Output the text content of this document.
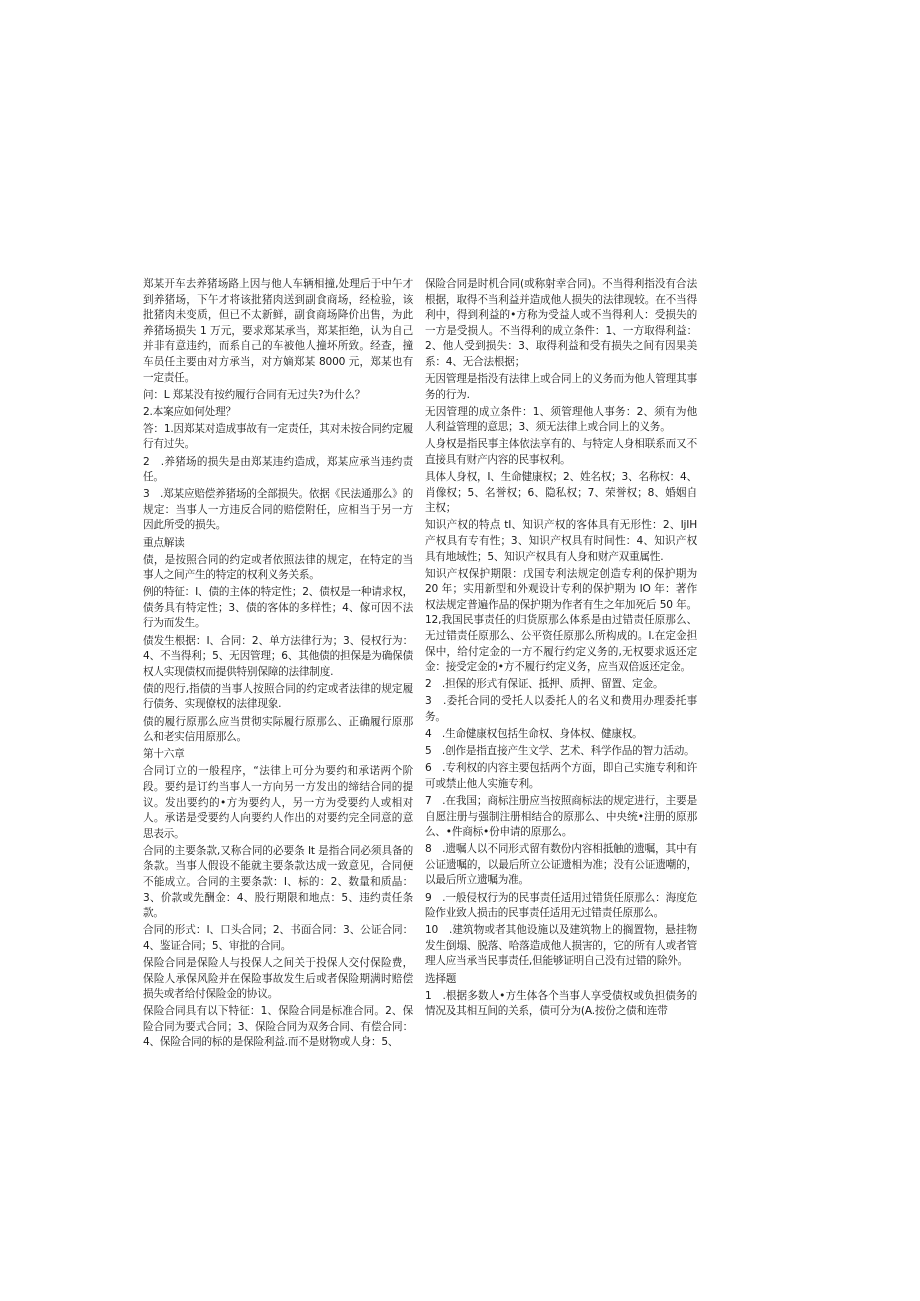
郑某开车去养猪场路上因与他人车辆相撞,处理后于中午才到养猪场，下午才将该批猪肉送到副食商场，经检验，该批猪肉未变质，但已不太新鲜，副食商场降价出售，为此养猪场损失 1 万元，要求郑某承当，郑某拒绝，认为自己并非有意违约，而系自己的车被他人撞坏所致。经查，撞车员任主要由对方承当，对方嫡郑某 8000 元，郑某也有一定责任。

问：L 郑某没有按约履行合同有无过失?为什么？

2.本案应如何处理？

答：1.因郑某对造成事故有一定责任，其对未按合同约定履行有过失。

2　.养猪场的损失是由郑某违约造成，郑某应承当违约责任。

3　.郑某应赔偿养猪场的全部损失。依据《民法通那么》的规定：当事人一方违反合同的赔偿附任，应相当于另一方因此所受的损失。

重点解读

债，是按照合同的约定或者依照法律的规定，在特定的当事人之间产生的特定的权利义务关系。

例的特征：I、债的主体的特定性；2、债权是一种请求权，债务具有特定性；3、债的客体的多样性；4、傢可因不法行为而发生。

债发生根据：I、合同：2、单方法律行为；3、侵权行为：4、不当得利；5、无因管理；6、其他债的担保是为确保债权人实现债权而提供特别保障的法律制度.

债的咫行,指债的当事人按照合同的约定或者法律的规定履行债务、实现僚权的法律现象.

债的履行原那么应当贯彻实际履行原那么、正确履行原那么和老实信用原那么。

第十六章

合同订立的一般程序，“法律上可分为要约和承诺两个阶段。要约是订约当事人一方向另一方发出的缔结合同的提议。发出要约的•方为要约人，另一方为受要约人或相对人。承诺是受要约人向要约人作出的对要约完全同意的意思表示。

合同的主要条款,又称合同的必要条 It 是指合同必须具备的条款。当事人假设不能就主要条款达成一致意见，合同便不能成立。合同的主要条款：I、标的：2、数量和质晶：3、价款或先酬金：4、股行期限和地点：5、违约责任条款。

合同的形式：I、口头合同；2、书面合同：3、公证合同：4、鉴证合同；5、审批的合同。

保险合同是保险人与投保人之间关于投保人交付保险费，保险人承保风险并在保险事故发生后或者保险期满时赔偿损失或者给付保险金的协议。

保险合同具有以下特征：1、保险合同是标准合同。2、保险合同为要式合同；3、保险合同为双务合同、有偿合同：4、保险合同的标的是保险利益.而不是财物或人身：5、

保险合同是时机合同(或称射幸合同)。不当得利指没有合法根据，取得不当利益并造成他人损失的法律现较。在不当得利中，得到利益的•方称为受益人或不当得利人：受损失的一方是受损人。不当得利的成立条件：1、一方取得利益：2、他人受到损失：3、取得利益和受有损失之间有因果美系：4、无合法根据；

无因管理是指没有法律上或合同上的义务而为他人管理其事务的行为.

无因管理的成立条件：1、须管理他人事务：2、须有为他人利益管理的意思；3、须无法律上或合同上的义务。

人身权是指民事主体依法享有的、与特定人身相联系而又不直接具有财产内容的民事权利。

具体人身权，I、生命健康权；2、姓名权；3、名称权：4、肖像权；5、名誉权；6、隐私权；7、荣誉权；8、婚姻自主权；

知识产权的特点 tI、知识产权的客体具有无形性：2、IjIH 产权具有专有性；3、知识产权具有时间性：4、知识产权具有地域性；5、知识产权具有人身和财产双重属性.

知识产权保护期限：戊国专利法规定创造专利的保护期为 20 年；实用新型和外观设计专利的保护期为 IO 年：著作权法规定普遍作品的保护期为作者有生之年加死后 50 年。12,我国民事责任的归货原那么体系是由过错责任原那么、无过错责任原那么、公平资任原那么所构成的。I.在定金担保中，给付定金的一方不履行约定义务的,无权要求返还定金：接受定金的•方不履行约定义务，应当双倍返还定金。

2　.担保的形式有保证、抵押、质押、留置、定金。

3　.委托合同的受托人以委托人的名义和费用办理委托事务。

4　.生命健康权包括生命权、身体权、健康权。

5　.创作是指直接产生文学、艺术、科学作品的智力活动。

6　.专利权的内容主要包括两个方面，即自己实施专利和许可或禁止他人实施专利。

7　.在我国；商标注册应当按照商标法的规定进行，主要是自愿注册与强制注册相结合的原那么、中央统•注册的原那么、•件商标•份申请的原那么。

8　.遗嘱人以不同形式留有数份内容相抵触的遗嘱，其中有公证遗嘱的，以最后所立公证遗相为准；没有公证遗嘲的，以最后所立遗嘱为准。

9　.一般侵权行为的民事责任适用过错货任原那么：海度危险作业致人损击的民事责任适用无过错责任原那么。

10　.建筑物或者其他设施以及建筑物上的搁置物，悬挂物发生倒塌、脱落、哈落造成他人损害的，它的所有人或者管理人应当承当民事责任,但能够证明自己没有过错的除外。

选择题

1　.根据多数人•方生体各个当事人享受债权或负担债务的情况及其相互间的关系，债可分为(A.按份之债和连带
